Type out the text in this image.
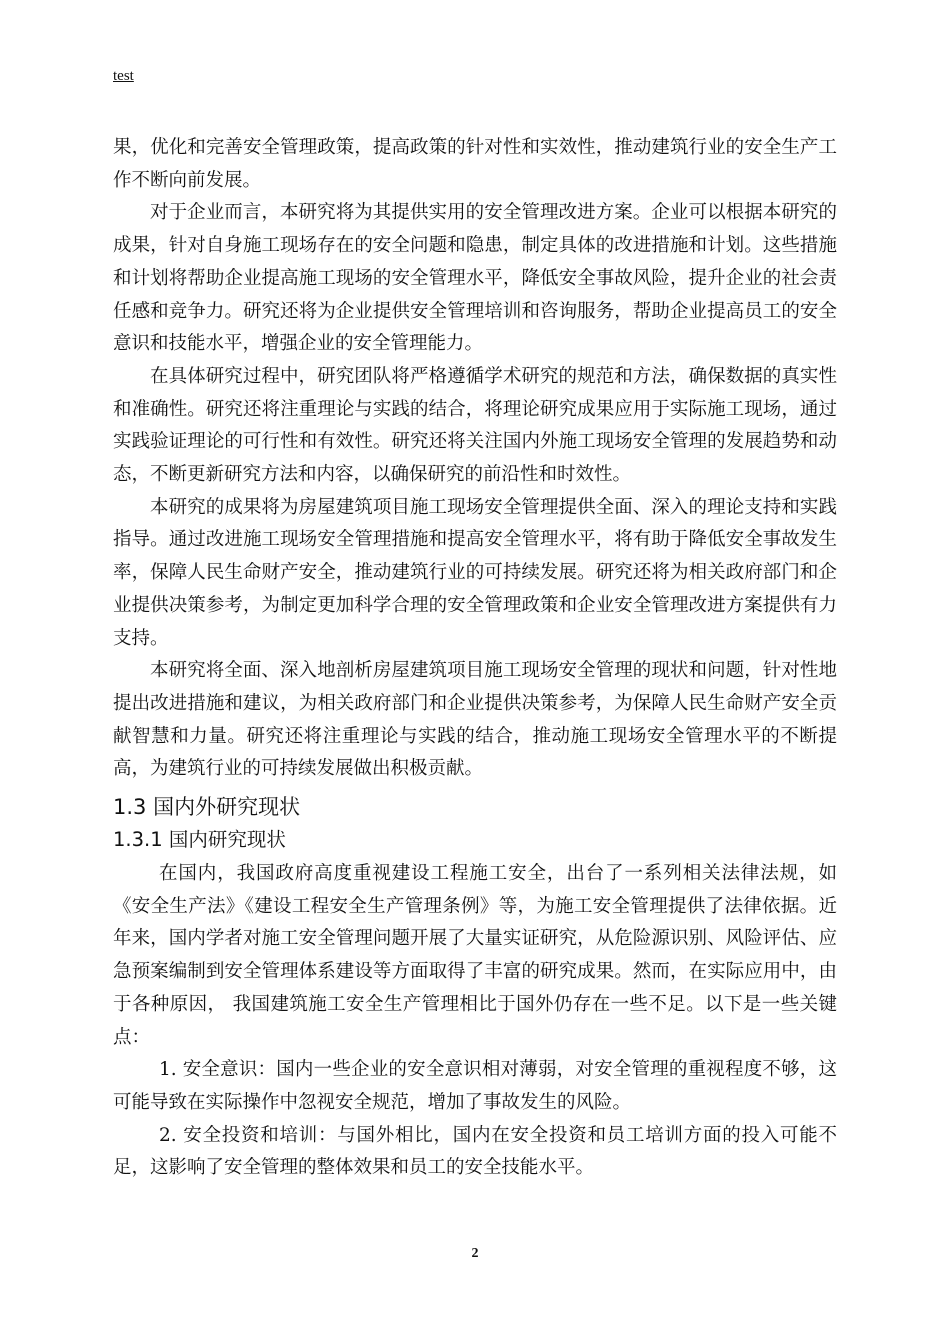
test

果，优化和完善安全管理政策，提高政策的针对性和实效性，推动建筑行业的安全生产工作不断向前发展。

对于企业而言，本研究将为其提供实用的安全管理改进方案。企业可以根据本研究的成果，针对自身施工现场存在的安全问题和隐患，制定具体的改进措施和计划。这些措施和计划将帮助企业提高施工现场的安全管理水平，降低安全事故风险，提升企业的社会责任感和竞争力。研究还将为企业提供安全管理培训和咨询服务，帮助企业提高员工的安全意识和技能水平，增强企业的安全管理能力。

在具体研究过程中，研究团队将严格遵循学术研究的规范和方法，确保数据的真实性和准确性。研究还将注重理论与实践的结合，将理论研究成果应用于实际施工现场，通过实践验证理论的可行性和有效性。研究还将关注国内外施工现场安全管理的发展趋势和动态，不断更新研究方法和内容，以确保研究的前沿性和时效性。

本研究的成果将为房屋建筑项目施工现场安全管理提供全面、深入的理论支持和实践指导。通过改进施工现场安全管理措施和提高安全管理水平，将有助于降低安全事故发生率，保障人民生命财产安全，推动建筑行业的可持续发展。研究还将为相关政府部门和企业提供决策参考，为制定更加科学合理的安全管理政策和企业安全管理改进方案提供有力支持。

本研究将全面、深入地剖析房屋建筑项目施工现场安全管理的现状和问题，针对性地提出改进措施和建议，为相关政府部门和企业提供决策参考，为保障人民生命财产安全贡献智慧和力量。研究还将注重理论与实践的结合，推动施工现场安全管理水平的不断提高，为建筑行业的可持续发展做出积极贡献。

1.3 国内外研究现状
1.3.1 国内研究现状

在国内，我国政府高度重视建设工程施工安全，出台了一系列相关法律法规，如《安全生产法》《建设工程安全生产管理条例》等，为施工安全管理提供了法律依据。近年来，国内学者对施工安全管理问题开展了大量实证研究，从危险源识别、风险评估、应急预案编制到安全管理体系建设等方面取得了丰富的研究成果。然而，在实际应用中，由于各种原因， 我国建筑施工安全生产管理相比于国外仍存在一些不足。以下是一些关键点：

1. 安全意识：国内一些企业的安全意识相对薄弱，对安全管理的重视程度不够，这可能导致在实际操作中忽视安全规范，增加了事故发生的风险。

2. 安全投资和培训：与国外相比，国内在安全投资和员工培训方面的投入可能不足，这影响了安全管理的整体效果和员工的安全技能水平。

2
